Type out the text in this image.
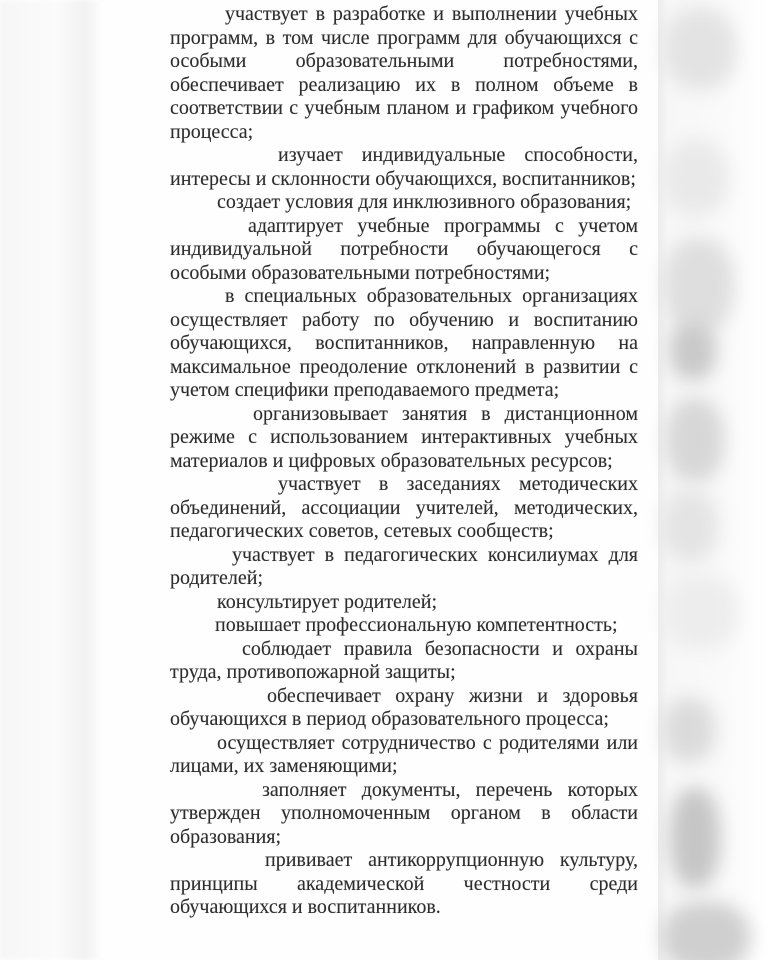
участвует в разработке и выполнении учебных программ, в том числе программ для обучающихся с особыми образовательными потребностями, обеспечивает реализацию их в полном объеме в соответствии с учебным планом и графиком учебного процесса;

изучает индивидуальные способности, интересы и склонности обучающихся, воспитанников;

создает условия для инклюзивного образования;

адаптирует учебные программы с учетом индивидуальной потребности обучающегося с особыми образовательными потребностями;

в специальных образовательных организациях осуществляет работу по обучению и воспитанию обучающихся, воспитанников, направленную на максимальное преодоление отклонений в развитии с учетом специфики преподаваемого предмета;

организовывает занятия в дистанционном режиме с использованием интерактивных учебных материалов и цифровых образовательных ресурсов;

участвует в заседаниях методических объединений, ассоциации учителей, методических, педагогических советов, сетевых сообществ;

участвует в педагогических консилиумах для родителей;

консультирует родителей;

повышает профессиональную компетентность;

соблюдает правила безопасности и охраны труда, противопожарной защиты;

обеспечивает охрану жизни и здоровья обучающихся в период образовательного процесса;

осуществляет сотрудничество с родителями или лицами, их заменяющими;

заполняет документы, перечень которых утвержден уполномоченным органом в области образования;

прививает антикоррупционную культуру, принципы академической честности среди обучающихся и воспитанников.
